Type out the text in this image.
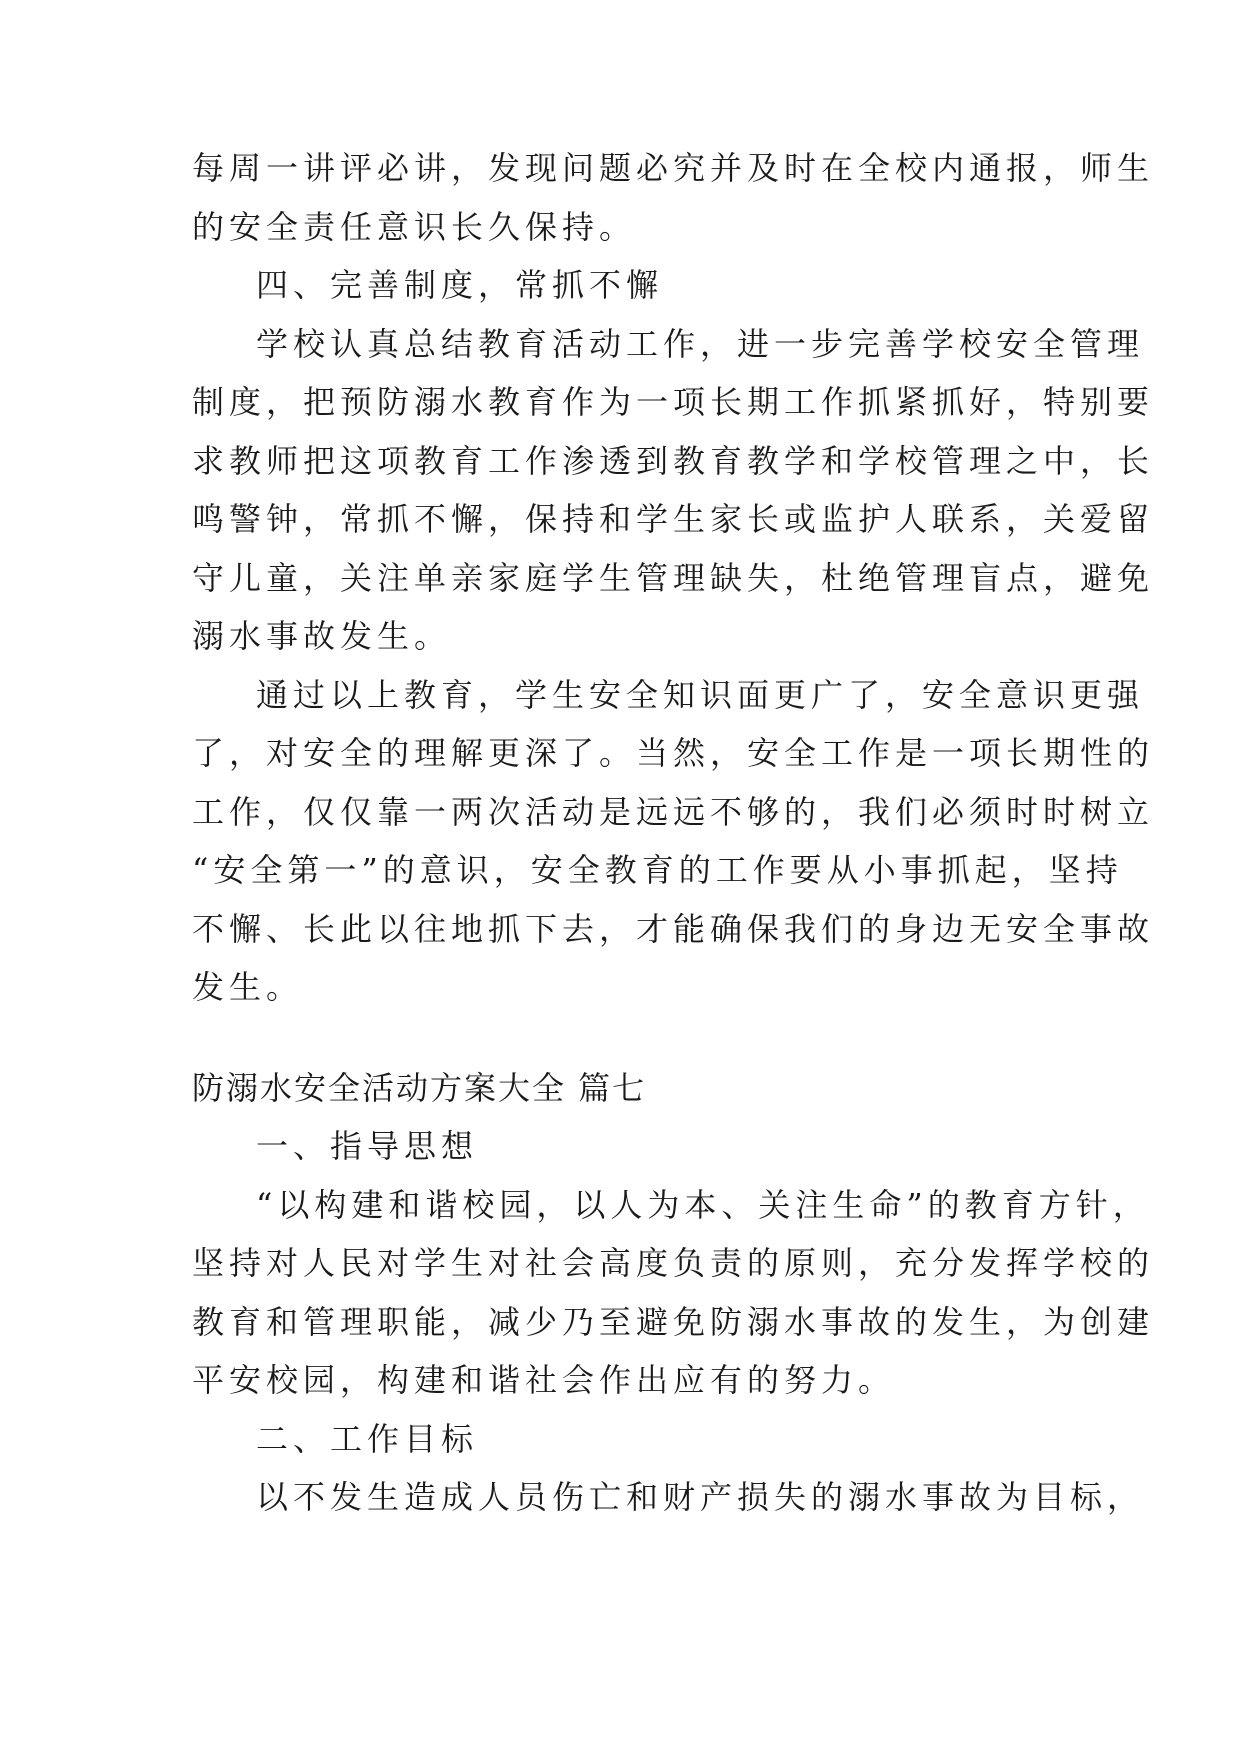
每周一讲评必讲，发现问题必究并及时在全校内通报，师生
的安全责任意识长久保持。
四、完善制度，常抓不懈
学校认真总结教育活动工作，进一步完善学校安全管理
制度，把预防溺水教育作为一项长期工作抓紧抓好，特别要
求教师把这项教育工作渗透到教育教学和学校管理之中，长
鸣警钟，常抓不懈，保持和学生家长或监护人联系，关爱留
守儿童，关注单亲家庭学生管理缺失，杜绝管理盲点，避免
溺水事故发生。
通过以上教育，学生安全知识面更广了，安全意识更强
了，对安全的理解更深了。当然，安全工作是一项长期性的
工作，仅仅靠一两次活动是远远不够的，我们必须时时树立
“安全第一”的意识，安全教育的工作要从小事抓起，坚持
不懈、长此以往地抓下去，才能确保我们的身边无安全事故
发生。
防溺水安全活动方案大全 篇七
一、指导思想
“以构建和谐校园，以人为本、关注生命”的教育方针，
坚持对人民对学生对社会高度负责的原则，充分发挥学校的
教育和管理职能，减少乃至避免防溺水事故的发生，为创建
平安校园，构建和谐社会作出应有的努力。
二、工作目标
以不发生造成人员伤亡和财产损失的溺水事故为目标，
